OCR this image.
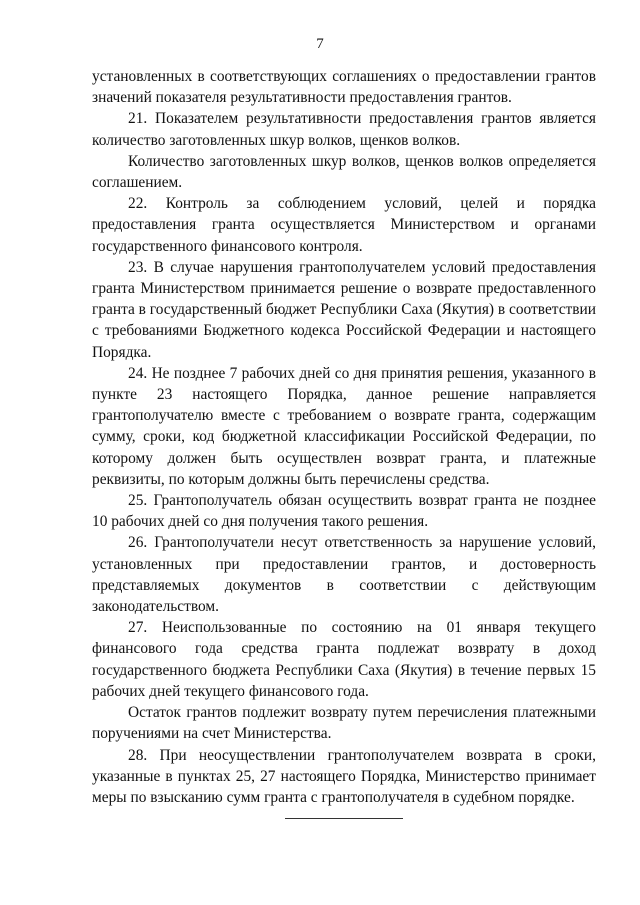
7

установленных в соответствующих соглашениях о предоставлении грантов значений показателя результативности предоставления грантов.

21. Показателем результативности предоставления грантов является количество заготовленных шкур волков, щенков волков.

Количество заготовленных шкур волков, щенков волков определяется соглашением.

22. Контроль за соблюдением условий, целей и порядка предоставления гранта осуществляется Министерством и органами государственного финансового контроля.

23. В случае нарушения грантополучателем условий предоставления гранта Министерством принимается решение о возврате предоставленного гранта в государственный бюджет Республики Саха (Якутия) в соответствии с требованиями Бюджетного кодекса Российской Федерации и настоящего Порядка.

24. Не позднее 7 рабочих дней со дня принятия решения, указанного в пункте 23 настоящего Порядка, данное решение направляется грантополучателю вместе с требованием о возврате гранта, содержащим сумму, сроки, код бюджетной классификации Российской Федерации, по которому должен быть осуществлен возврат гранта, и платежные реквизиты, по которым должны быть перечислены средства.

25. Грантополучатель обязан осуществить возврат гранта не позднее 10 рабочих дней со дня получения такого решения.

26. Грантополучатели несут ответственность за нарушение условий, установленных при предоставлении грантов, и достоверность представляемых документов в соответствии с действующим законодательством.

27. Неиспользованные по состоянию на 01 января текущего финансового года средства гранта подлежат возврату в доход государственного бюджета Республики Саха (Якутия) в течение первых 15 рабочих дней текущего финансового года.

Остаток грантов подлежит возврату путем перечисления платежными поручениями на счет Министерства.

28. При неосуществлении грантополучателем возврата в сроки, указанные в пунктах 25, 27 настоящего Порядка, Министерство принимает меры по взысканию сумм гранта с грантополучателя в судебном порядке.
